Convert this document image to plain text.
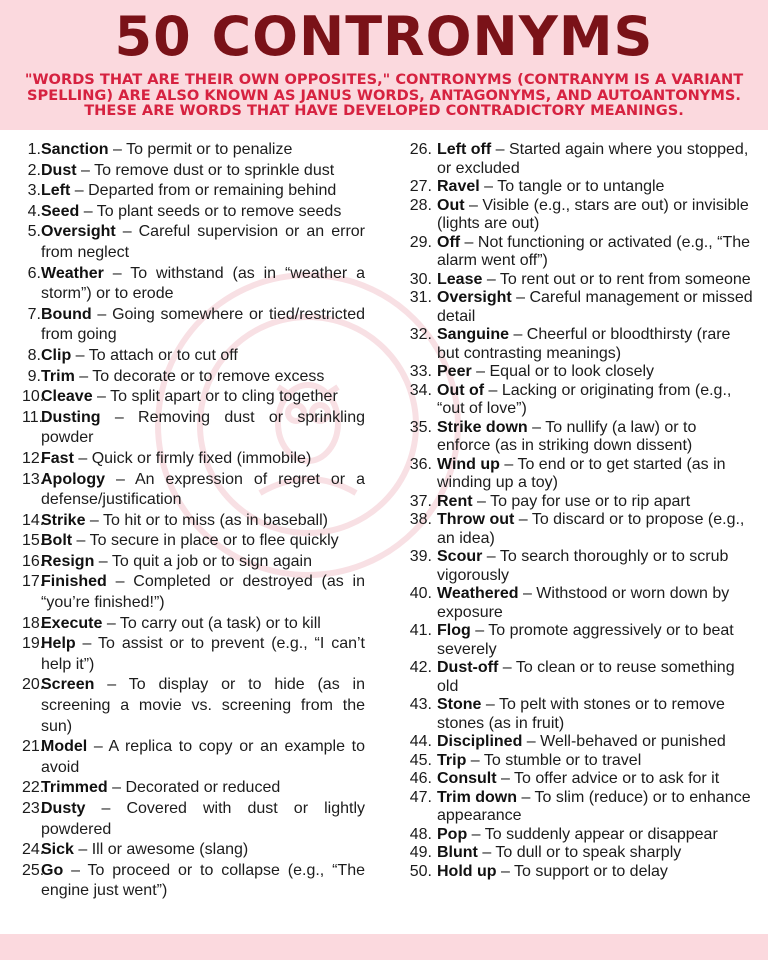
50 CONTRONYMS
"WORDS THAT ARE THEIR OWN OPPOSITES," CONTRONYMS (CONTRANYM IS A VARIANT SPELLING) ARE ALSO KNOWN AS JANUS WORDS, ANTAGONYMS, AND AUTOANTONYMS. THESE ARE WORDS THAT HAVE DEVELOPED CONTRADICTORY MEANINGS.
1. Sanction – To permit or to penalize
2. Dust – To remove dust or to sprinkle dust
3. Left – Departed from or remaining behind
4. Seed – To plant seeds or to remove seeds
5. Oversight – Careful supervision or an error from neglect
6. Weather – To withstand (as in “weather a storm”) or to erode
7. Bound – Going somewhere or tied/restricted from going
8. Clip – To attach or to cut off
9. Trim – To decorate or to remove excess
10.
Cleave – To split apart or to cling together
11.
Dusting – Removing dust or sprinkling powder
12.
Fast – Quick or firmly fixed (immobile)
13.
Apology – An expression of regret or a defense/justification
14.
Strike – To hit or to miss (as in baseball)
15.
Bolt – To secure in place or to flee quickly
16.
Resign – To quit a job or to sign again
17.
Finished – Completed or destroyed (as in “you’re finished!”)
18.
Execute – To carry out (a task) or to kill
19.
Help – To assist or to prevent (e.g., “I can’t help it”)
20.
Screen – To display or to hide (as in screening a movie vs. screening from the sun)
21.
Model – A replica to copy or an example to avoid
22.
Trimmed – Decorated or reduced
23.
Dusty – Covered with dust or lightly powdered
24.
Sick – Ill or awesome (slang)
25.
Go – To proceed or to collapse (e.g., “The engine just went”)
26. Left off – Started again where you stopped, or excluded
27. Ravel – To tangle or to untangle
28. Out – Visible (e.g., stars are out) or invisible (lights are out)
29. Off – Not functioning or activated (e.g., “The alarm went off”)
30. Lease – To rent out or to rent from someone
31. Oversight – Careful management or missed detail
32. Sanguine – Cheerful or bloodthirsty (rare but contrasting meanings)
33. Peer – Equal or to look closely
34. Out of – Lacking or originating from (e.g., “out of love”)
35. Strike down – To nullify (a law) or to enforce (as in striking down dissent)
36. Wind up – To end or to get started (as in winding up a toy)
37. Rent – To pay for use or to rip apart
38. Throw out – To discard or to propose (e.g., an idea)
39. Scour – To search thoroughly or to scrub vigorously
40. Weathered – Withstood or worn down by exposure
41. Flog – To promote aggressively or to beat severely
42. Dust-off – To clean or to reuse something old
43. Stone – To pelt with stones or to remove stones (as in fruit)
44. Disciplined – Well-behaved or punished
45. Trip – To stumble or to travel
46. Consult – To offer advice or to ask for it
47. Trim down – To slim (reduce) or to enhance appearance
48. Pop – To suddenly appear or disappear
49. Blunt – To dull or to speak sharply
50. Hold up – To support or to delay
